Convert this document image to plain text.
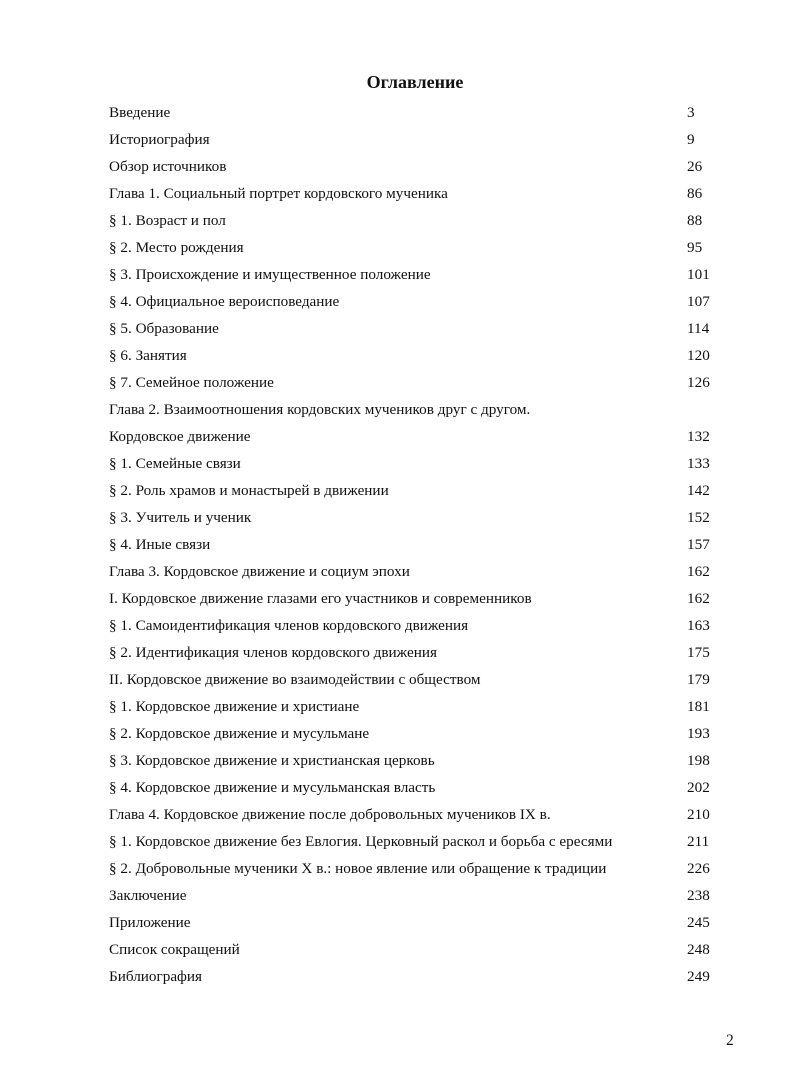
Оглавление
Введение	3
Историография	9
Обзор источников	26
Глава 1. Социальный портрет кордовского мученика	86
§ 1. Возраст и пол	88
§ 2. Место рождения	95
§ 3. Происхождение и имущественное положение	101
§ 4. Официальное вероисповедание	107
§ 5. Образование	114
§ 6. Занятия	120
§ 7. Семейное положение	126
Глава 2. Взаимоотношения кордовских мучеников друг с другом.
Кордовское движение	132
§ 1. Семейные связи	133
§ 2. Роль храмов и монастырей в движении	142
§ 3. Учитель и ученик	152
§ 4. Иные связи	157
Глава 3. Кордовское движение и социум эпохи	162
I. Кордовское движение глазами его участников и современников	162
§ 1. Самоидентификация членов кордовского движения	163
§ 2. Идентификация членов кордовского движения	175
II. Кордовское движение во взаимодействии с обществом	179
§ 1. Кордовское движение и христиане	181
§ 2. Кордовское движение и мусульмане	193
§ 3. Кордовское движение и христианская церковь	198
§ 4. Кордовское движение и мусульманская власть	202
Глава 4. Кордовское движение после добровольных мучеников IX в.	210
§ 1. Кордовское движение без Евлогия. Церковный раскол и борьба с ересями	211
§ 2. Добровольные мученики X в.: новое явление или обращение к традиции	226
Заключение	238
Приложение	245
Список сокращений	248
Библиография	249
2
